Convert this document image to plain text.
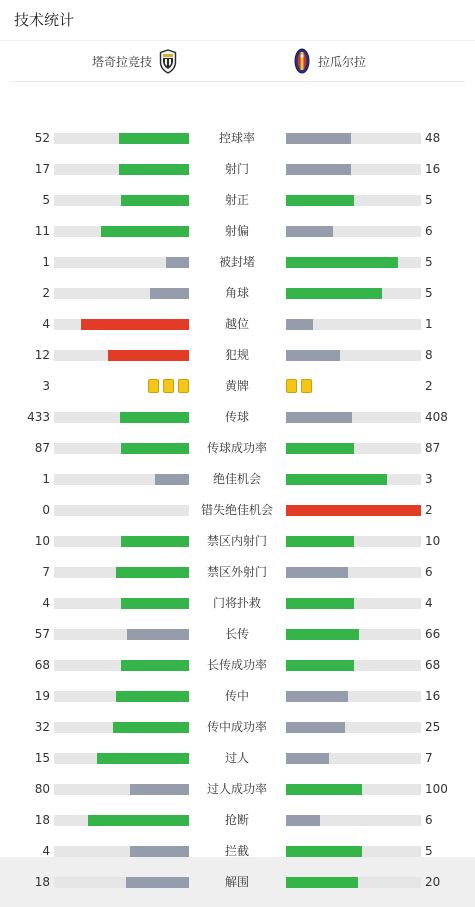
技术统计
塔奇拉竞技	拉瓜尔拉
52	控球率	48
17	射门	16
5	射正	5
11	射偏	6
1	被封堵	5
2	角球	5
4	越位	1
12	犯规	8
3	黄牌	2
433	传球	408
87	传球成功率	87
1	绝佳机会	3
0	错失绝佳机会	2
10	禁区内射门	10
7	禁区外射门	6
4	门将扑救	4
57	长传	66
68	长传成功率	68
19	传中	16
32	传中成功率	25
15	过人	7
80	过人成功率	100
18	抢断	6
4	拦截	5
18	解围	20
